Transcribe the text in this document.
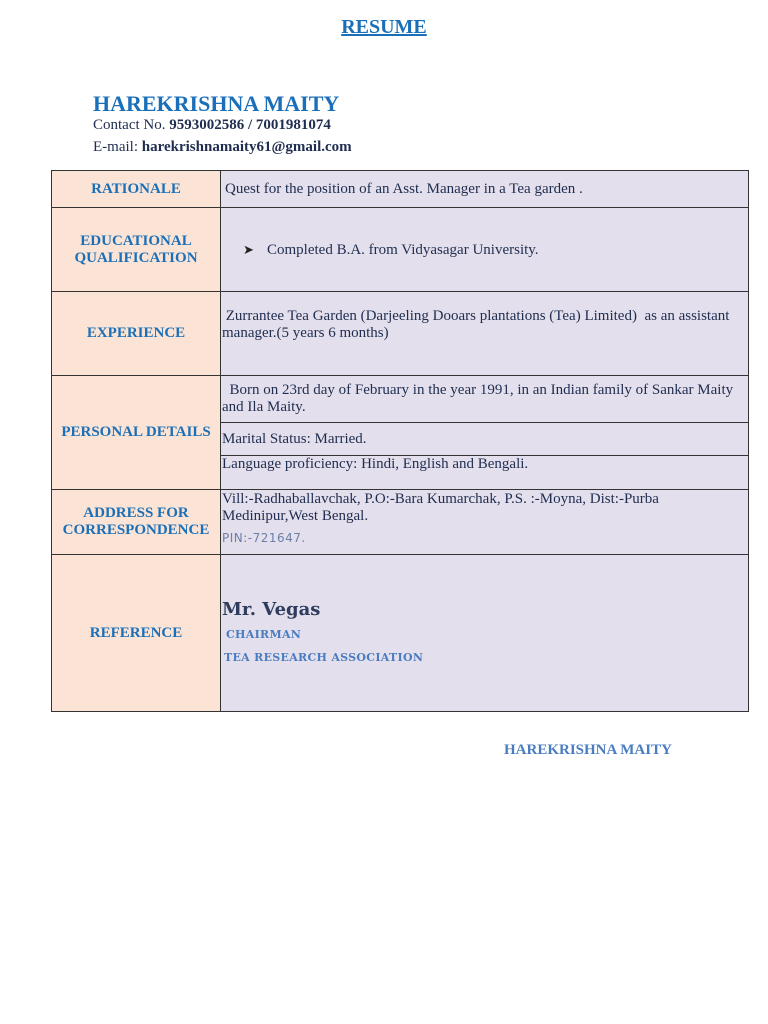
RESUME
HAREKRISHNA MAITY
Contact No. 9593002586 / 7001981074
E-mail: harekrishnamaity61@gmail.com
RATIONALE	Quest for the position of an Asst. Manager in a Tea garden .

EDUCATIONAL QUALIFICATION	➤ Completed B.A. from Vidyasagar University.

EXPERIENCE	Zurrantee Tea Garden (Darjeeling Dooars plantations (Tea) Limited)  as an assistant manager.(5 years 6 months)

PERSONAL DETAILS	Born on 23rd day of February in the year 1991, in an Indian family of Sankar Maity and Ila Maity.

	Marital Status: Married.

	Language proficiency: Hindi, English and Bengali.

ADDRESS FOR CORRESPONDENCE	Vill:-Radhaballavchak, P.O:-Bara Kumarchak, P.S. :-Moyna, Dist:-Purba Medinipur,West Bengal.
PIN:-721647.

REFERENCE	Mr. Vegas
CHAIRMAN
TEA RESEARCH ASSOCIATION
HAREKRISHNA MAITY
